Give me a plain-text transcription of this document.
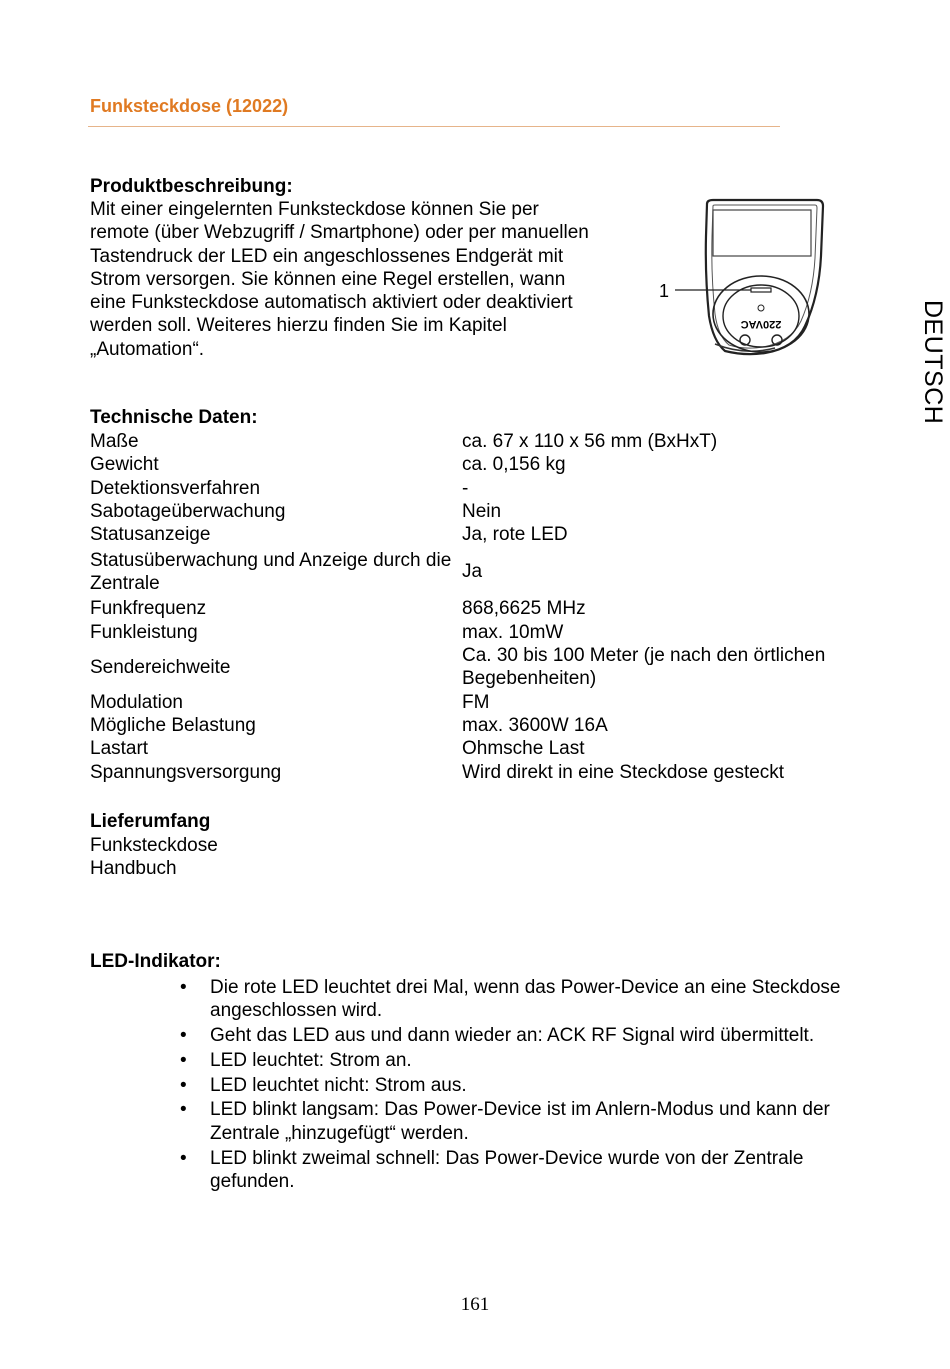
Funksteckdose (12022)
Produktbeschreibung:
Mit einer eingelernten Funksteckdose können Sie per
remote (über Webzugriff / Smartphone) oder per manuellen
Tastendruck der LED ein angeschlossenes Endgerät mit
Strom versorgen. Sie können eine Regel erstellen, wann
eine Funksteckdose automatisch aktiviert oder deaktiviert
werden soll. Weiteres hierzu finden Sie im Kapitel
„Automation“.
220VAC
1
DEUTSCH
Technische Daten:
Maße	ca. 67 x 110 x 56 mm (BxHxT)
Gewicht	ca. 0,156 kg
Detektionsverfahren	-
Sabotageüberwachung	Nein
Statusanzeige	Ja, rote LED
Statusüberwachung und Anzeige durch die Zentrale	Ja
Funkfrequenz	868,6625 MHz
Funkleistung	max. 10mW
Sendereichweite	Ca. 30 bis 100 Meter (je nach den örtlichen Begebenheiten)
Modulation	FM
Mögliche Belastung	max. 3600W 16A
Lastart	Ohmsche Last
Spannungsversorgung	Wird direkt in eine Steckdose gesteckt
Lieferumfang
Funksteckdose
Handbuch
LED-Indikator:
• Die rote LED leuchtet drei Mal, wenn das Power-Device an eine Steckdose angeschlossen wird.
• Geht das LED aus und dann wieder an: ACK RF Signal wird übermittelt.
• LED leuchtet: Strom an.
• LED leuchtet nicht: Strom aus.
• LED blinkt langsam: Das Power-Device ist im Anlern-Modus und kann der Zentrale „hinzugefügt“ werden.
• LED blinkt zweimal schnell: Das Power-Device wurde von der Zentrale gefunden.
161
